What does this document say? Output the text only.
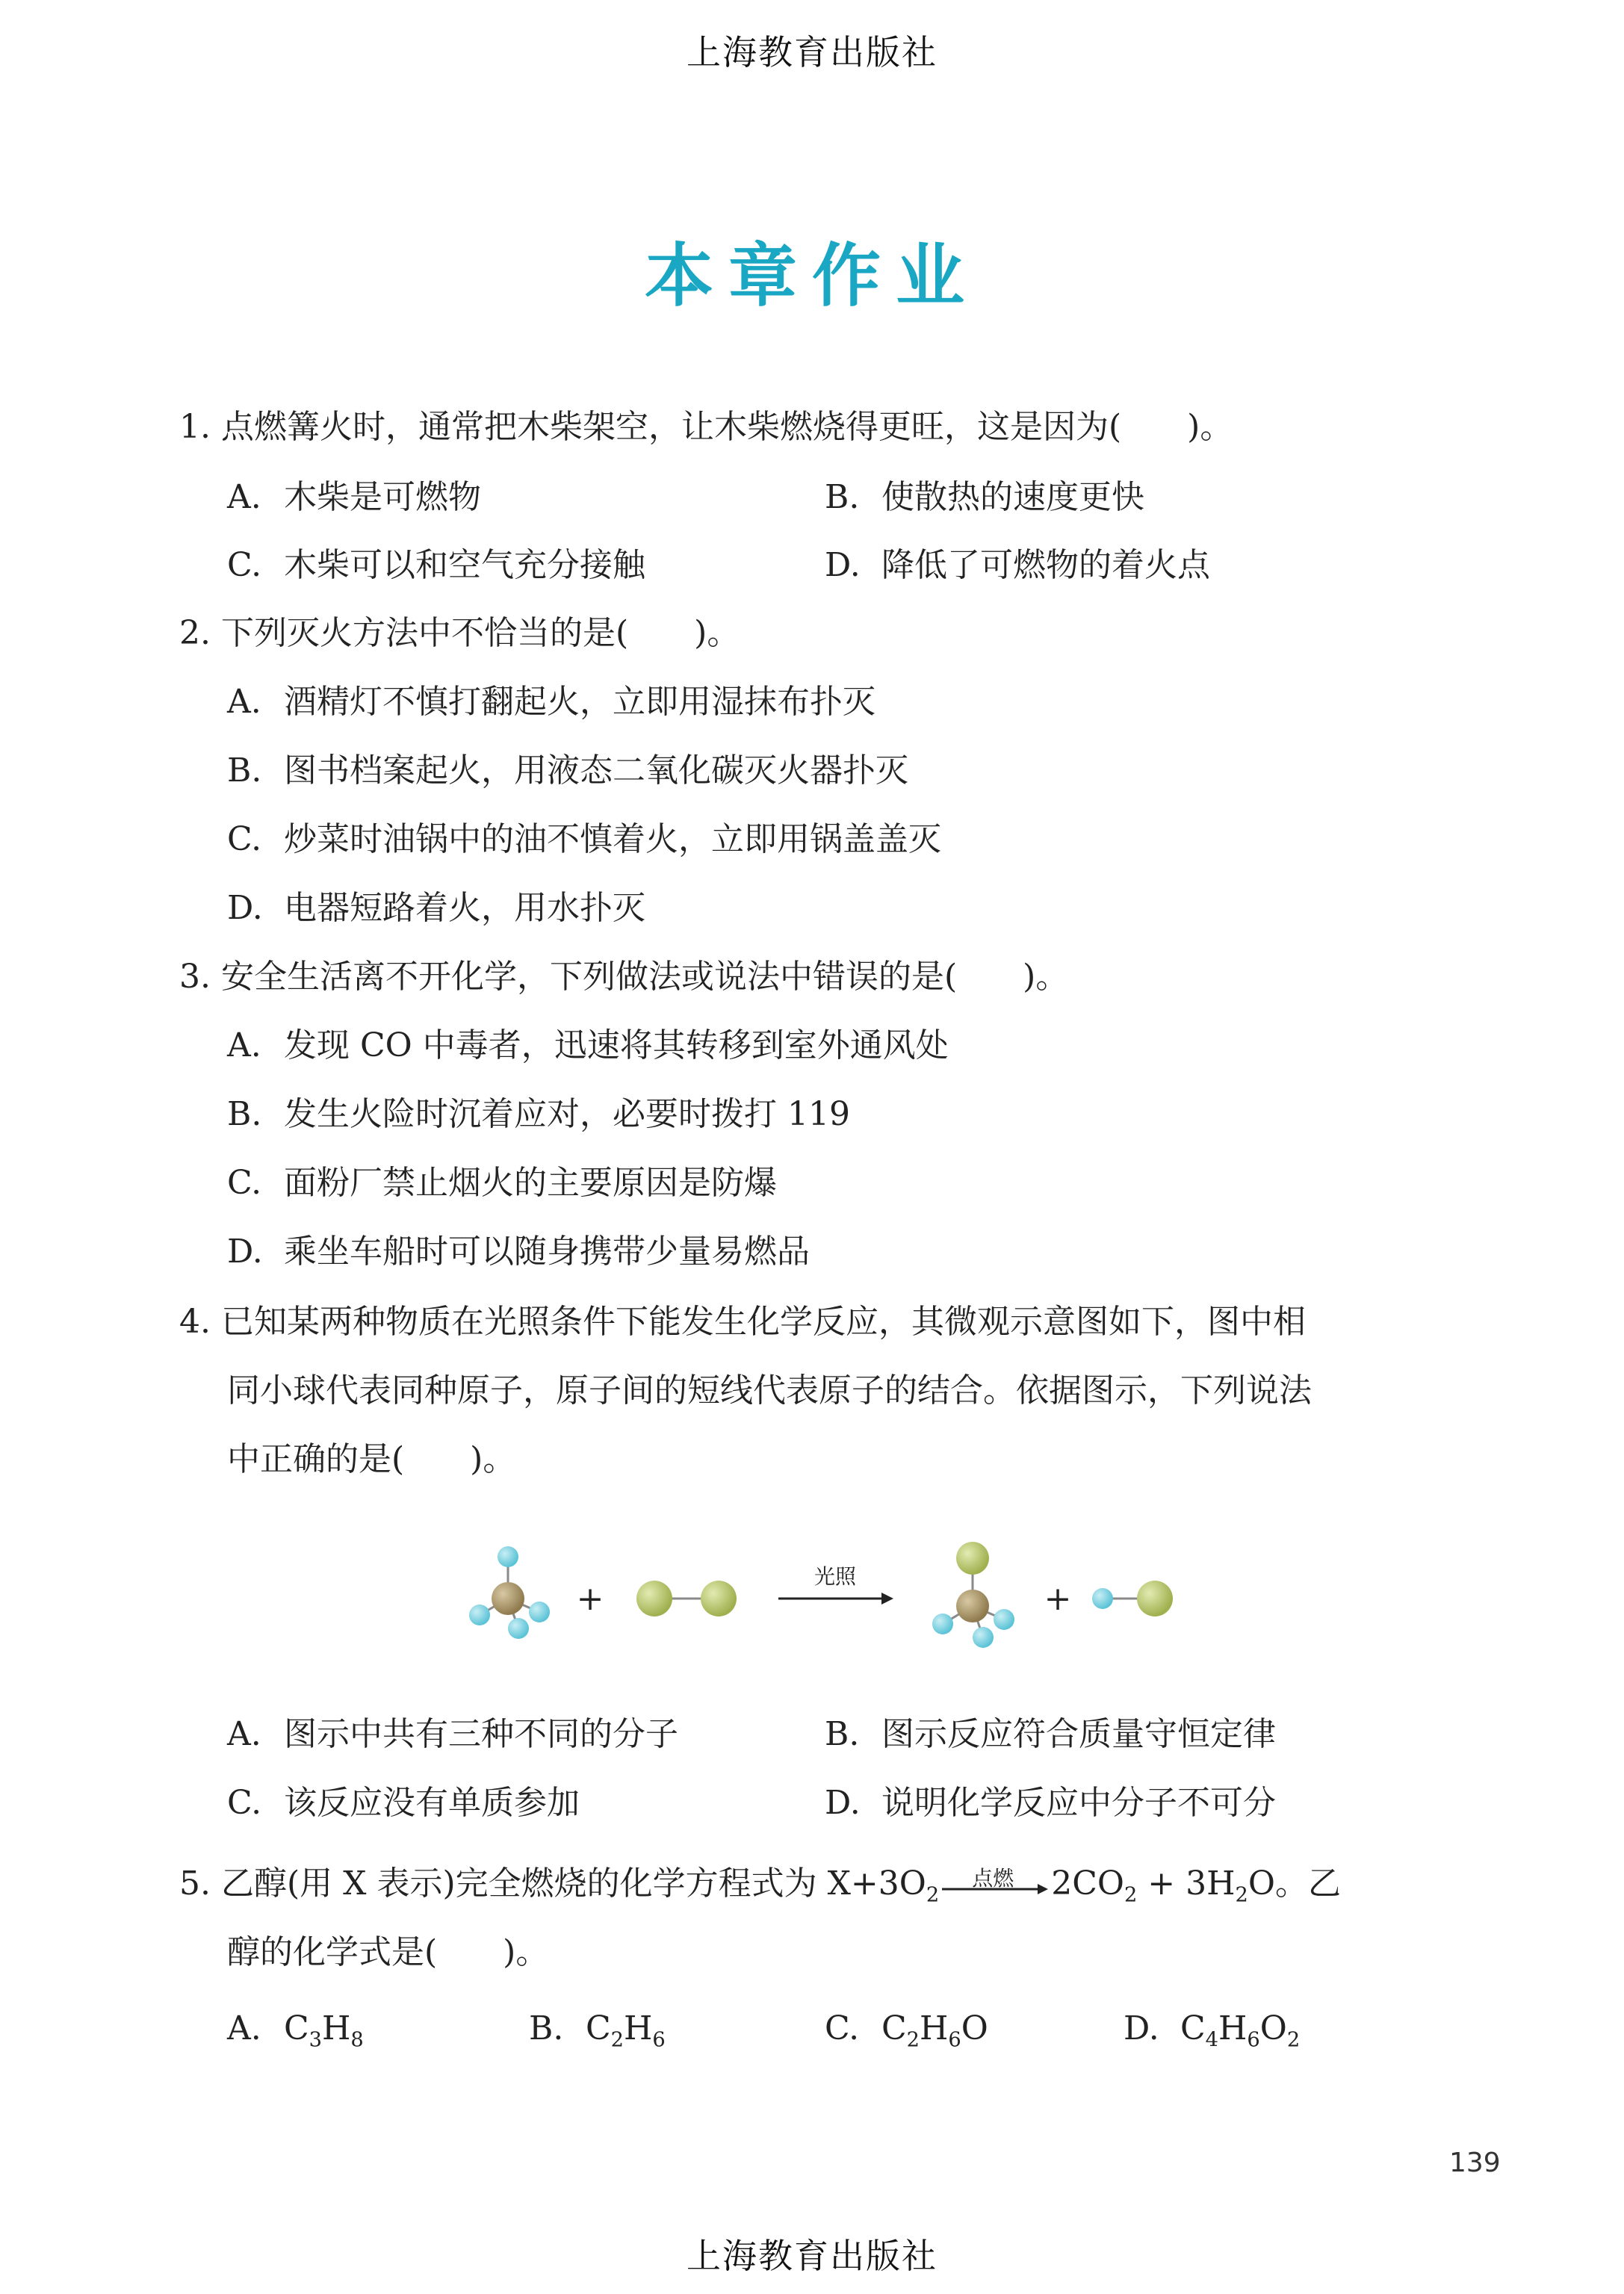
上海教育出版社
本章作业
1. 点燃篝火时，通常把木柴架空，让木柴燃烧得更旺，这是因为(　　)。
A. 木柴是可燃物	B. 使散热的速度更快
C. 木柴可以和空气充分接触	D. 降低了可燃物的着火点
2. 下列灭火方法中不恰当的是(　　)。
A. 酒精灯不慎打翻起火，立即用湿抹布扑灭
B. 图书档案起火，用液态二氧化碳灭火器扑灭
C. 炒菜时油锅中的油不慎着火，立即用锅盖盖灭
D. 电器短路着火，用水扑灭
3. 安全生活离不开化学，下列做法或说法中错误的是(　　)。
A. 发现 CO 中毒者，迅速将其转移到室外通风处
B. 发生火险时沉着应对，必要时拨打 119
C. 面粉厂禁止烟火的主要原因是防爆
D. 乘坐车船时可以随身携带少量易燃品
4. 已知某两种物质在光照条件下能发生化学反应，其微观示意图如下，图中相
同小球代表同种原子，原子间的短线代表原子的结合。依据图示，下列说法
中正确的是(　　)。
+
光照
+
A. 图示中共有三种不同的分子	B. 图示反应符合质量守恒定律
C. 该反应没有单质参加	D. 说明化学反应中分子不可分
5. 乙醇(用 X 表示)完全燃烧的化学方程式为 $X+3O_2$
点燃 $2CO_2 + 3H_2O$。乙
醇的化学式是(　　)。
A. $C_3H_8$	B. $C_2H_6$	C. $C_2H_6O$	D. $C_4H_6O_2$
139
上海教育出版社
